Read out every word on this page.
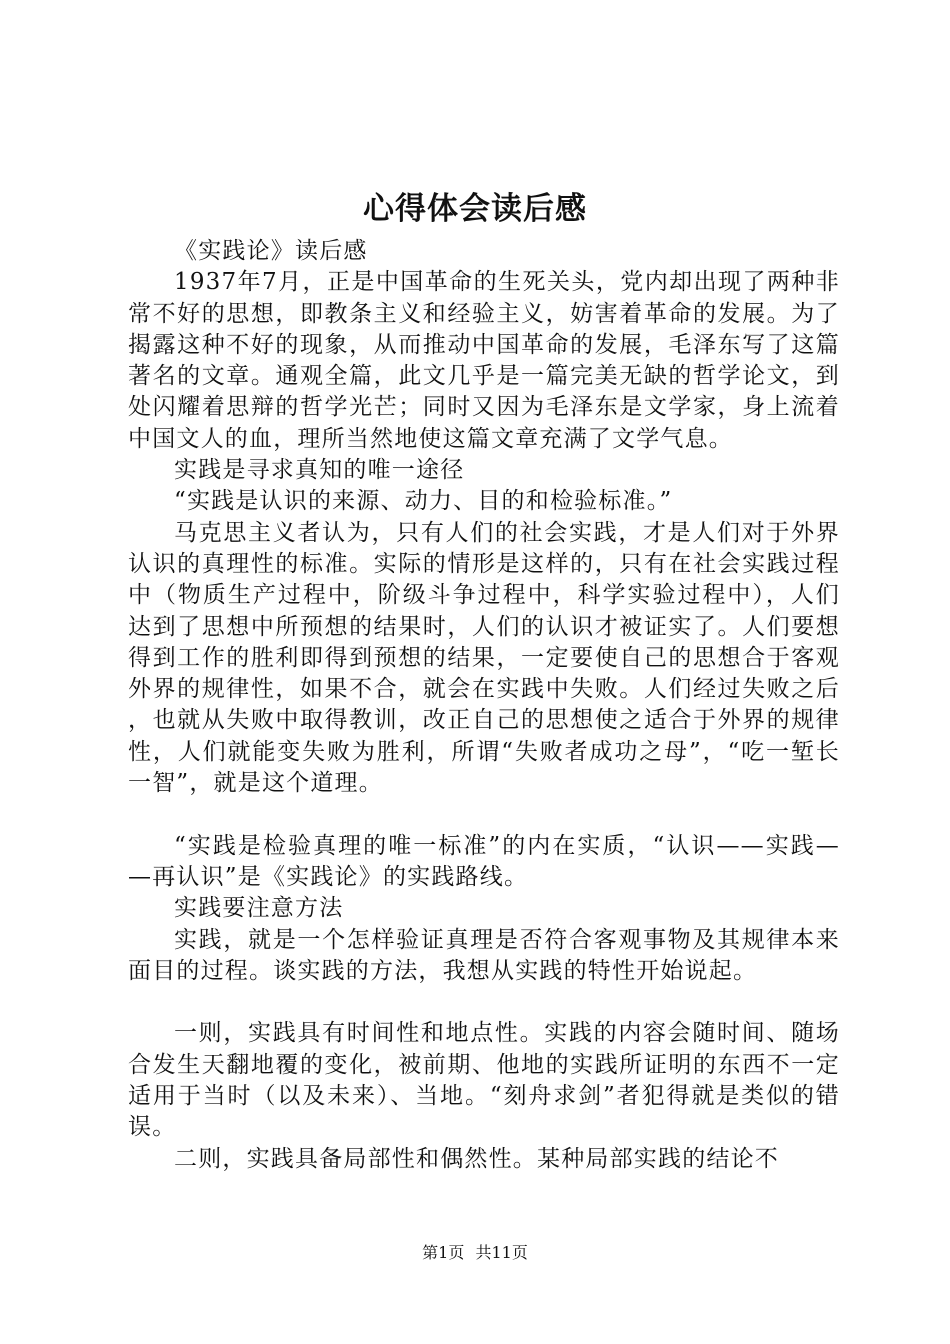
心得体会读后感

《实践论》读后感

1937年7月，正是中国革命的生死关头，党内却出现了两种非常不好的思想，即教条主义和经验主义，妨害着革命的发展。为了揭露这种不好的现象，从而推动中国革命的发展，毛泽东写了这篇著名的文章。通观全篇，此文几乎是一篇完美无缺的哲学论文，到处闪耀着思辩的哲学光芒；同时又因为毛泽东是文学家，身上流着中国文人的血，理所当然地使这篇文章充满了文学气息。

实践是寻求真知的唯一途径

“实践是认识的来源、动力、目的和检验标准。”

马克思主义者认为，只有人们的社会实践，才是人们对于外界认识的真理性的标准。实际的情形是这样的，只有在社会实践过程中（物质生产过程中，阶级斗争过程中，科学实验过程中），人们达到了思想中所预想的结果时，人们的认识才被证实了。人们要想得到工作的胜利即得到预想的结果，一定要使自己的思想合于客观外界的规律性，如果不合，就会在实践中失败。人们经过失败之后，也就从失败中取得教训，改正自己的思想使之适合于外界的规律性，人们就能变失败为胜利，所谓“失败者成功之母”，“吃一堑长一智”，就是这个道理。

“实践是检验真理的唯一标准”的内在实质，“认识——实践——再认识”是《实践论》的实践路线。

实践要注意方法

实践，就是一个怎样验证真理是否符合客观事物及其规律本来面目的过程。谈实践的方法，我想从实践的特性开始说起。

一则，实践具有时间性和地点性。实践的内容会随时间、随场合发生天翻地覆的变化，被前期、他地的实践所证明的东西不一定适用于当时（以及未来）、当地。“刻舟求剑”者犯得就是类似的错误。

二则，实践具备局部性和偶然性。某种局部实践的结论不

第1页 共11页
